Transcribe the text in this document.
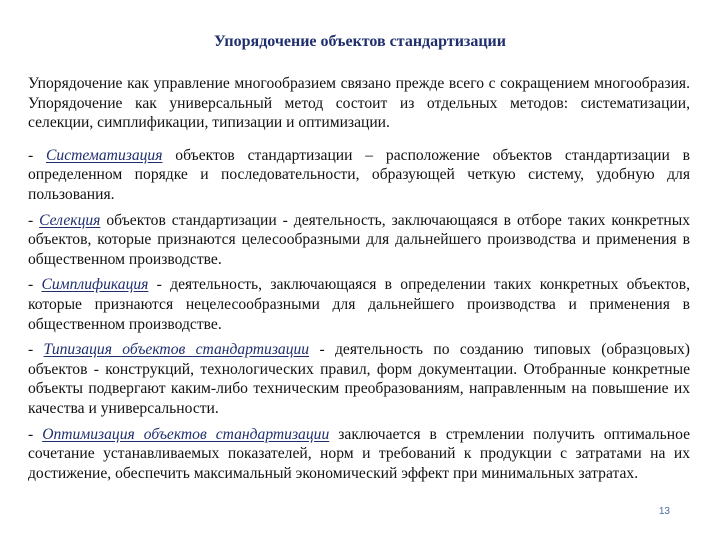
Упорядочение объектов стандартизации

Упорядочение как управление многообразием связано прежде всего с сокращением многообразия. Упорядочение как универсальный метод состоит из отдельных методов: систематизации, селекции, симплификации, типизации и оптимизации.

- Систематизация объектов стандартизации – расположение объектов стандартизации в определенном порядке и последовательности, образующей четкую систему, удобную для пользования.

- Селекция объектов стандартизации - деятельность, заключающаяся в отборе таких конкретных объектов, которые признаются целесообразными для дальнейшего производства и применения в общественном производстве.

- Симплификация - деятельность, заключающаяся в определении таких конкретных объектов, которые признаются нецелесообразными для дальнейшего производства и применения в общественном производстве.

- Типизация объектов стандартизации - деятельность по созданию типовых (образцовых) объектов - конструкций, технологических правил, форм документации. Отобранные конкретные объекты подвергают каким-либо техническим преобразованиям, направленным на повышение их качества и универсальности.

- Оптимизация объектов стандартизации заключается в стремлении получить оптимальное сочетание устанавливаемых показателей, норм и требований к продукции с затратами на их достижение, обеспечить максимальный экономический эффект при минимальных затратах.

13
